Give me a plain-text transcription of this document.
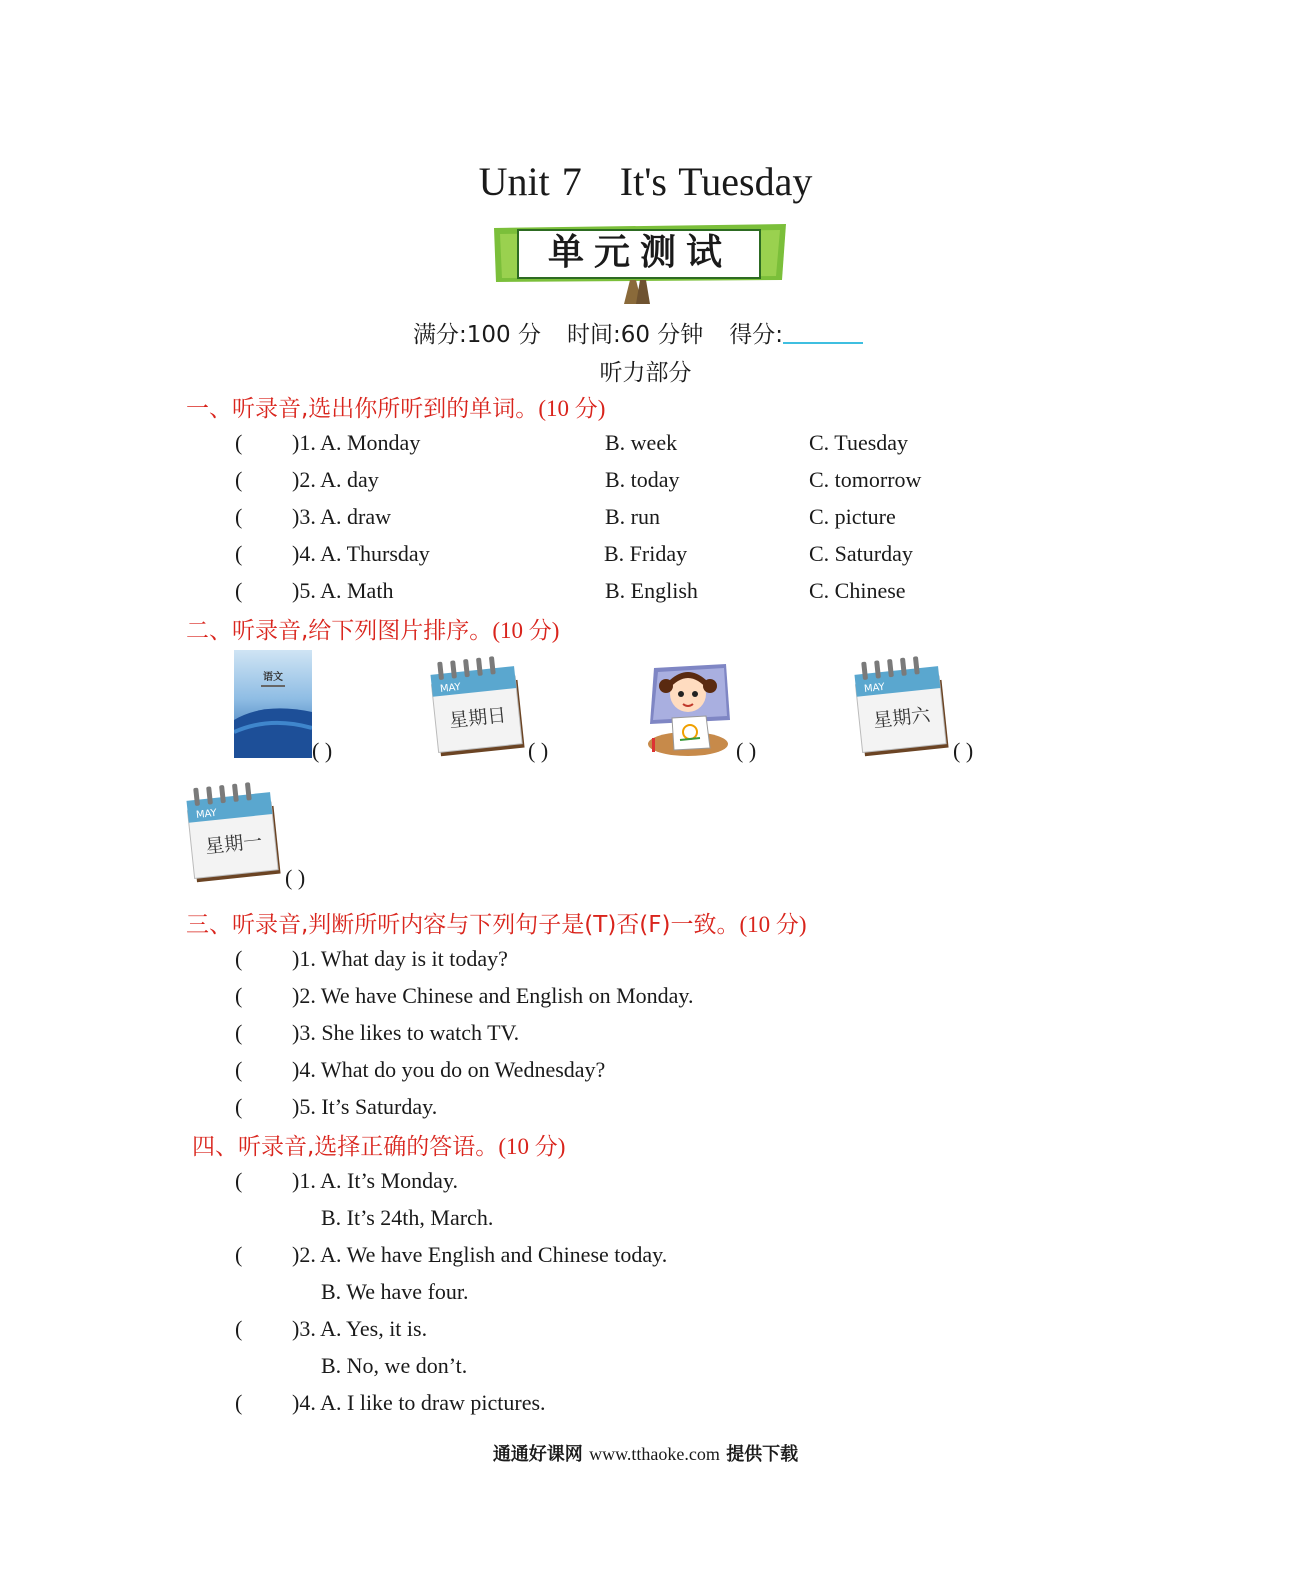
Unit 7 It's Tuesday
单元测试
满分:100 分 时间:60 分钟 得分:
听力部分
一、听录音,选出你所听到的单词。(10 分)
( )1. A. Monday	B. week	C. Tuesday
( )2. A. day	B. today	C. tomorrow
( )3. A. draw	B. run	C. picture
( )4. A. Thursday	B. Friday	C. Saturday
( )5. A. Math	B. English	C. Chinese
二、听录音,给下列图片排序。(10 分)
语文
( )
MAY
星期日
( )	( )
MAY
星期六
( )
MAY
星期一
( )
三、听录音,判断所听内容与下列句子是(T)否(F)一致。(10 分)
( )1. What day is it today?
( )2. We have Chinese and English on Monday.
( )3. She likes to watch TV.
( )4. What do you do on Wednesday?
( )5. It’s Saturday.
四、听录音,选择正确的答语。(10 分)
( )1. A. It’s Monday.
B. It’s 24th, March.
( )2. A. We have English and Chinese today.
B. We have four.
( )3. A. Yes, it is.
B. No, we don’t.
( )4. A. I like to draw pictures.
通通好课网 www.tthaoke.com 提供下载
